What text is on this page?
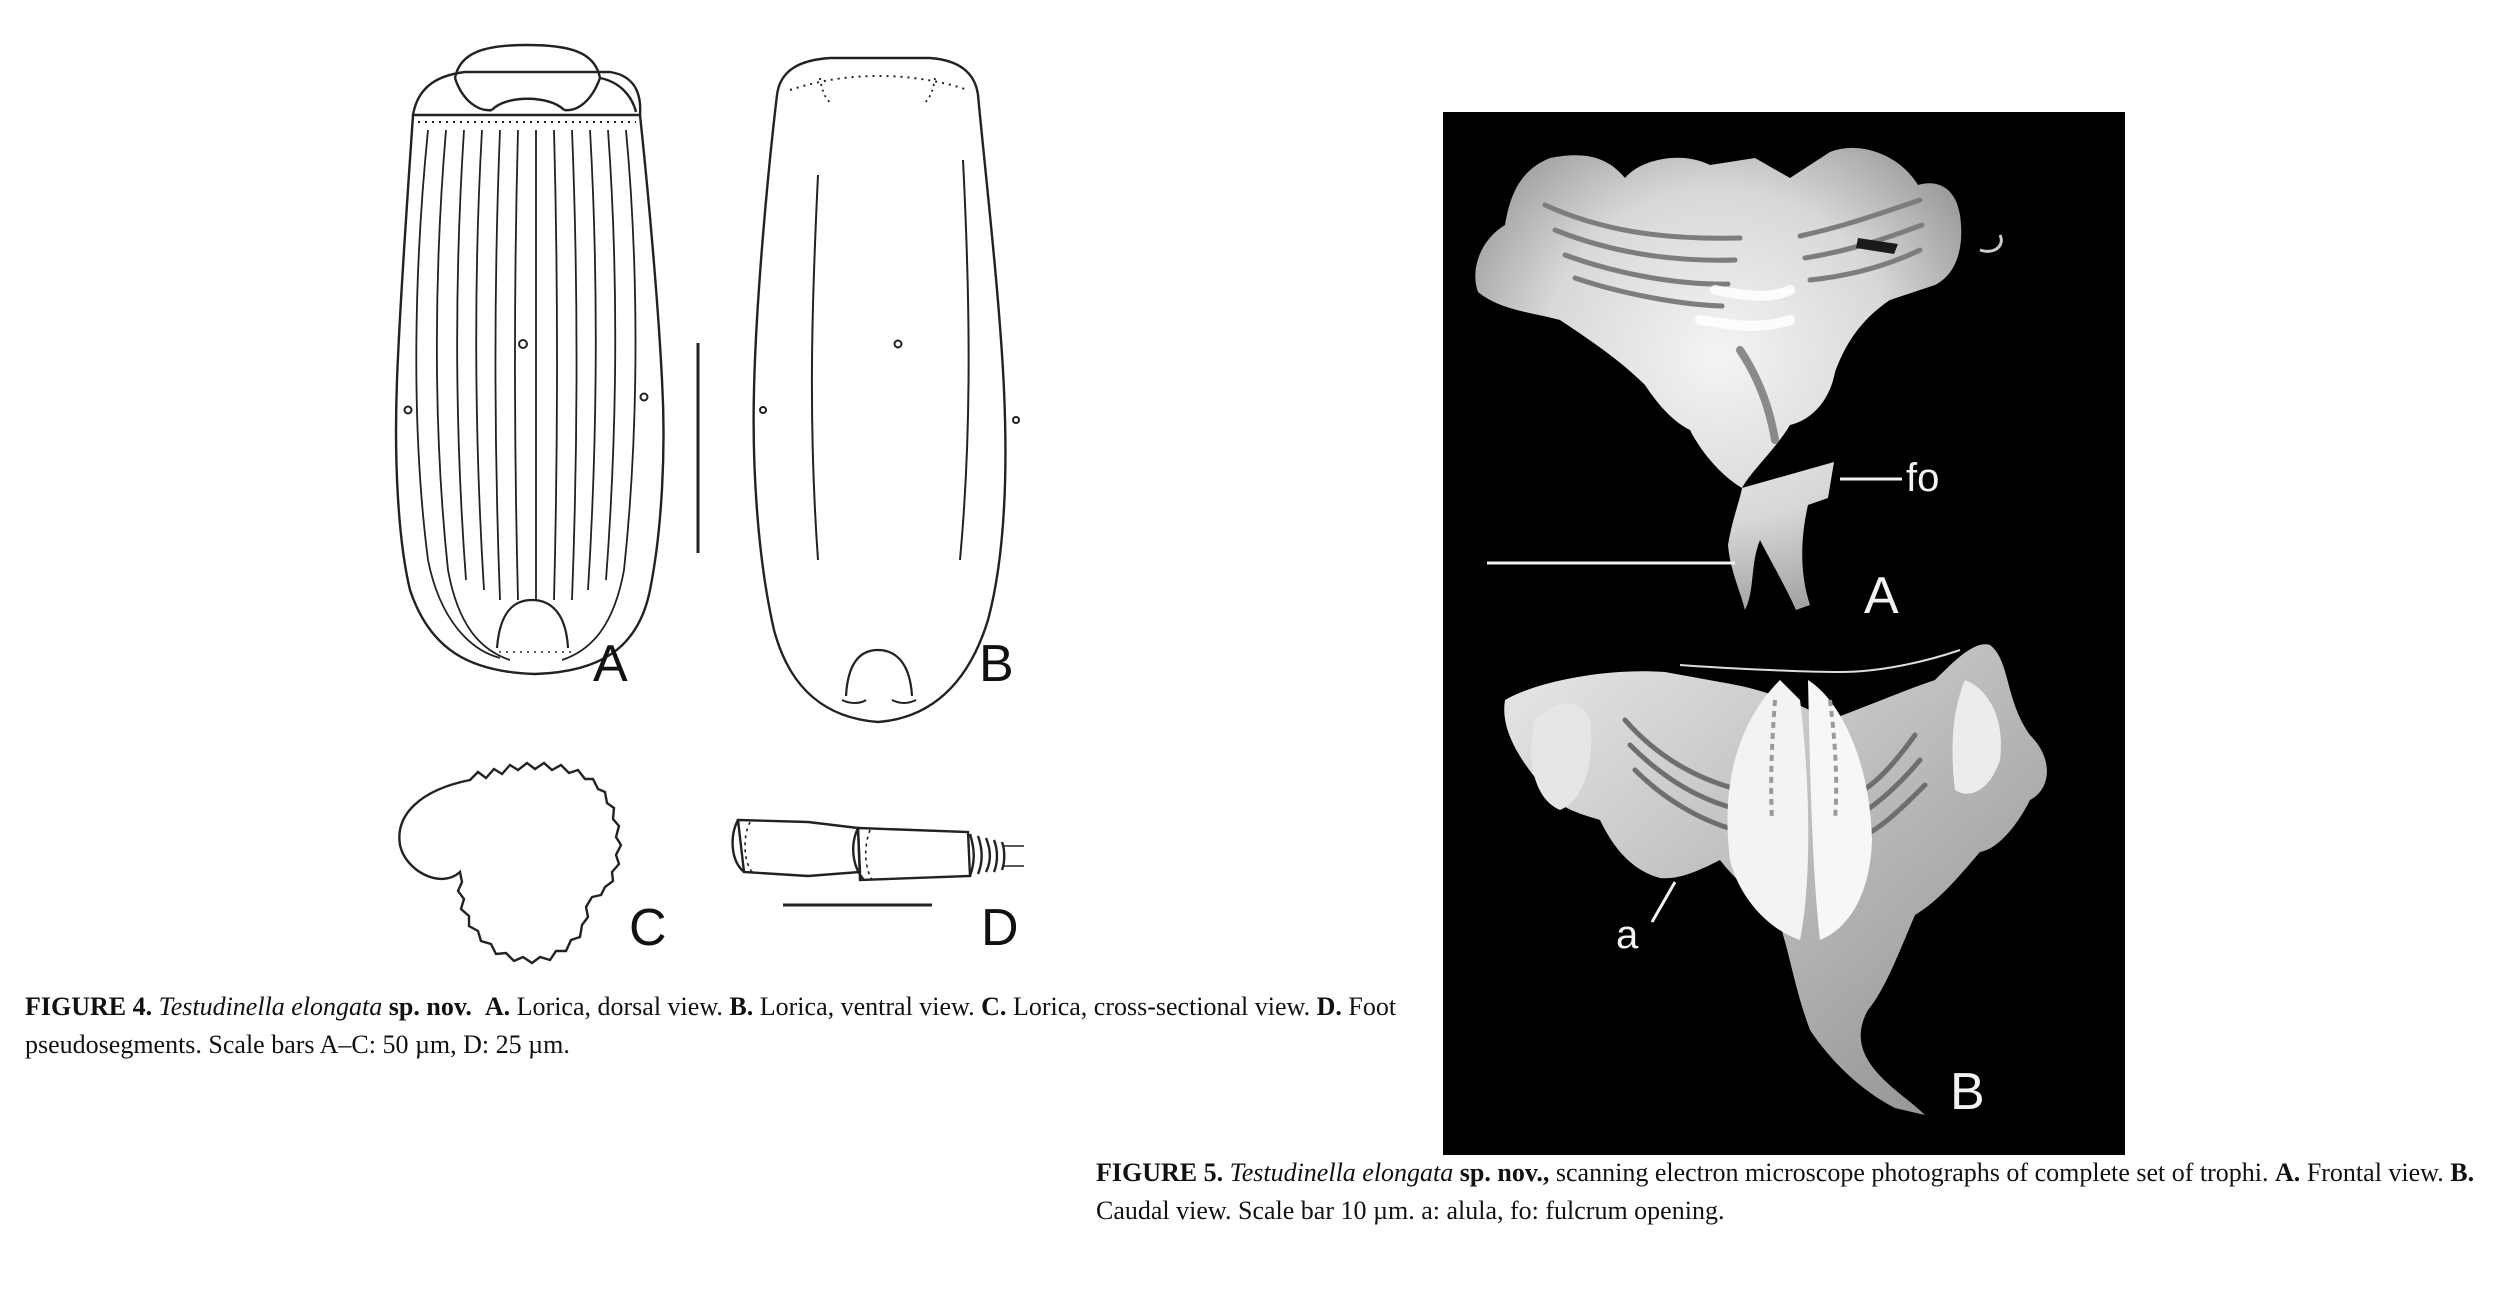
A	B
C	D
A
B
fo
a
FIGURE 4. Testudinella elongata sp. nov. A. Lorica, dorsal view. B. Lorica, ventral view. C. Lorica, cross-sectional view. D. Foot pseudosegments. Scale bars A–C: 50 µm, D: 25 µm.
FIGURE 5. Testudinella elongata sp. nov., scanning electron microscope photographs of complete set of trophi. A. Frontal view. B. Caudal view. Scale bar 10 µm. a: alula, fo: fulcrum opening.
